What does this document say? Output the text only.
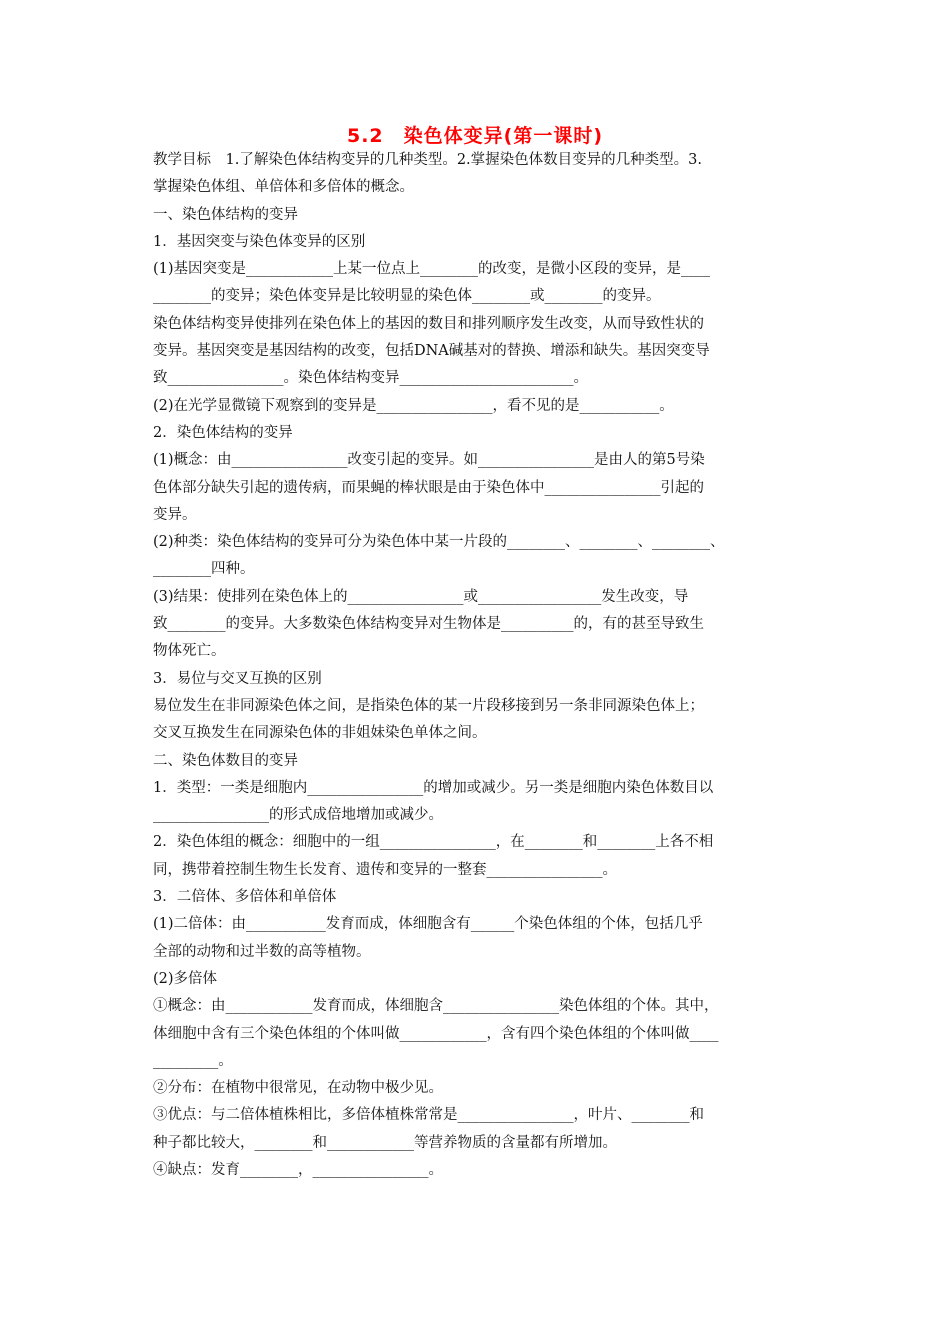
5.2　染色体变异(第一课时)

教学目标　1.了解染色体结构变异的几种类型。2.掌握染色体数目变异的几种类型。3.

掌握染色体组、单倍体和多倍体的概念。

一、染色体结构的变异

1．基因突变与染色体变异的区别

(1)基因突变是____________上某一位点上________的改变，是微小区段的变异，是____

________的变异；染色体变异是比较明显的染色体________或________的变异。

染色体结构变异使排列在染色体上的基因的数目和排列顺序发生改变，从而导致性状的

变异。基因突变是基因结构的改变，包括DNA碱基对的替换、增添和缺失。基因突变导

致________________。染色体结构变异________________________。

(2)在光学显微镜下观察到的变异是________________，看不见的是___________。

2．染色体结构的变异

(1)概念：由________________改变引起的变异。如________________是由人的第5号染

色体部分缺失引起的遗传病，而果蝇的棒状眼是由于染色体中________________引起的

变异。

(2)种类：染色体结构的变异可分为染色体中某一片段的________、________、________、

________四种。

(3)结果：使排列在染色体上的________________或_________________发生改变，导

致________的变异。大多数染色体结构变异对生物体是__________的，有的甚至导致生

物体死亡。

3．易位与交叉互换的区别

易位发生在非同源染色体之间，是指染色体的某一片段移接到另一条非同源染色体上；

交叉互换发生在同源染色体的非姐妹染色单体之间。

二、染色体数目的变异

1．类型：一类是细胞内________________的增加或减少。另一类是细胞内染色体数目以

________________的形式成倍地增加或减少。

2．染色体组的概念：细胞中的一组________________，在________和________上各不相

同，携带着控制生物生长发育、遗传和变异的一整套________________。

3．二倍体、多倍体和单倍体

(1)二倍体：由___________发育而成，体细胞含有______个染色体组的个体，包括几乎

全部的动物和过半数的高等植物。

(2)多倍体

①概念：由____________发育而成，体细胞含________________染色体组的个体。其中，

体细胞中含有三个染色体组的个体叫做____________，含有四个染色体组的个体叫做____

_________。

②分布：在植物中很常见，在动物中极少见。

③优点：与二倍体植株相比，多倍体植株常常是________________，叶片、________和

种子都比较大，________和____________等营养物质的含量都有所增加。

④缺点：发育________，________________。
